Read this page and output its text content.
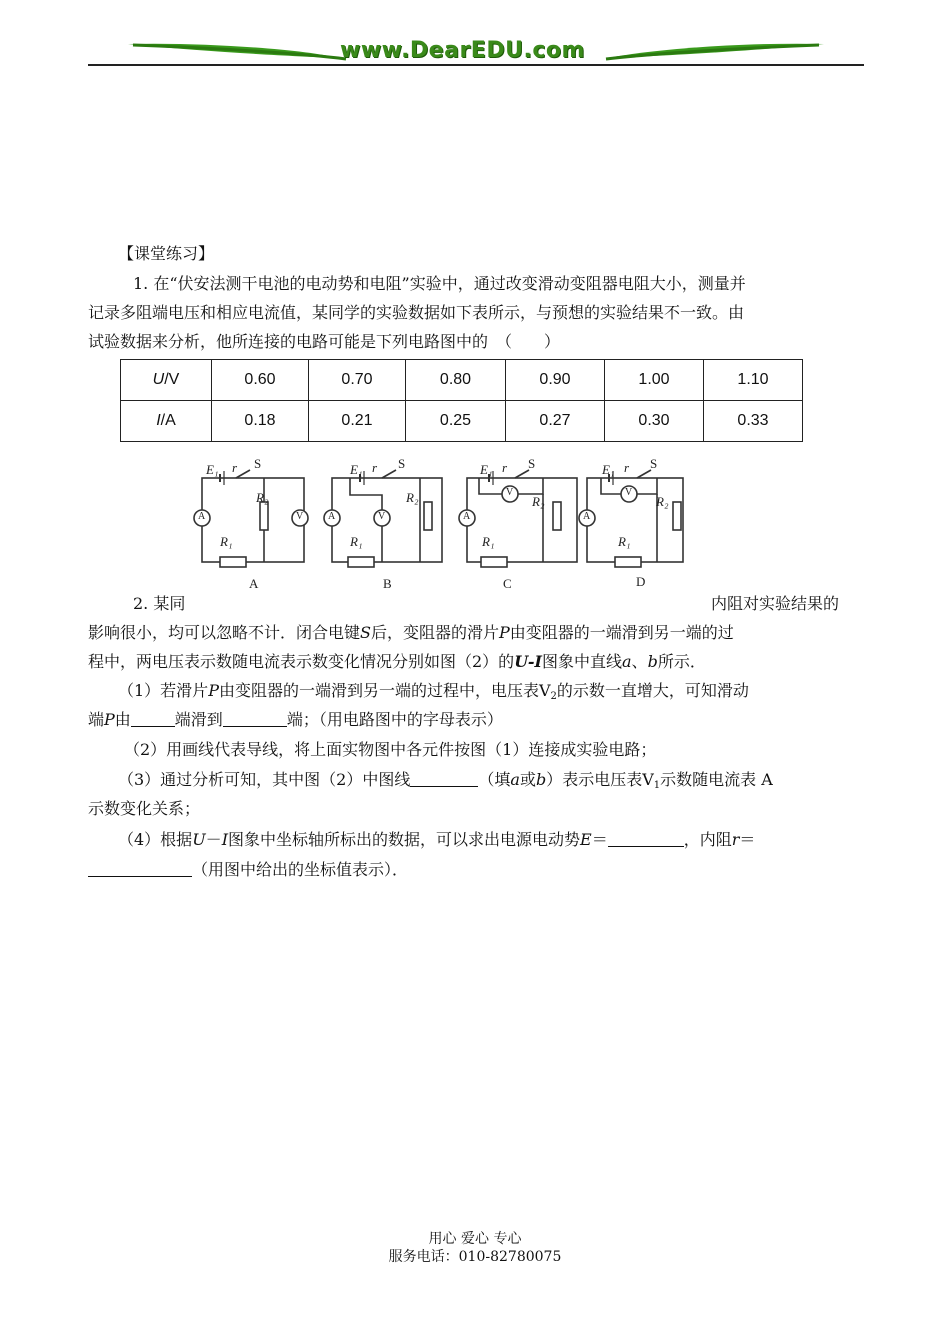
www.DearEDU.com
【课堂练习】
1. 在“伏安法测干电池的电动势和电阻”实验中，通过改变滑动变阻器电阻大小，测量并
记录多阻端电压和相应电流值，某同学的实验数据如下表所示，与预想的实验结果不一致。由
试验数据来分析，他所连接的电路可能是下列电路图中的　（　　）
U/V	0.60	0.70	0.80	0.90	1.00	1.10
I/A	0.18	0.21	0.25	0.27	0.30	0.33
E₁ r S
R₂
R₁
A	V
A
E₁ r S
R₂
R₁
A	V
B
E₁ r S
R₂
R₁
A
V
C
E₁ r S
R₂
R₁
A
V
D
2. 某同	内阻对实验结果的
影响很小，均可以忽略不计．闭合电键S后，变阻器的滑片P由变阻器的一端滑到另一端的过
程中，两电压表示数随电流表示数变化情况分别如图（2）的U-I图象中直线a、b所示．
（1）若滑片P由变阻器的一端滑到另一端的过程中，电压表$V_2$的示数一直增大，可知滑动
端P由	端滑到	端；（用电路图中的字母表示）
（2）用画线代表导线，将上面实物图中各元件按图（1）连接成实验电路；
（3）通过分析可知，其中图（2）中图线	（填a或b）表示电压表$V_1$示数随电流表 A
示数变化关系；
（4）根据U－I图象中坐标轴所标出的数据，可以求出电源电动势E＝	，内阻r＝
（用图中给出的坐标值表示）．
用心 爱心 专心
服务电话：010-82780075
